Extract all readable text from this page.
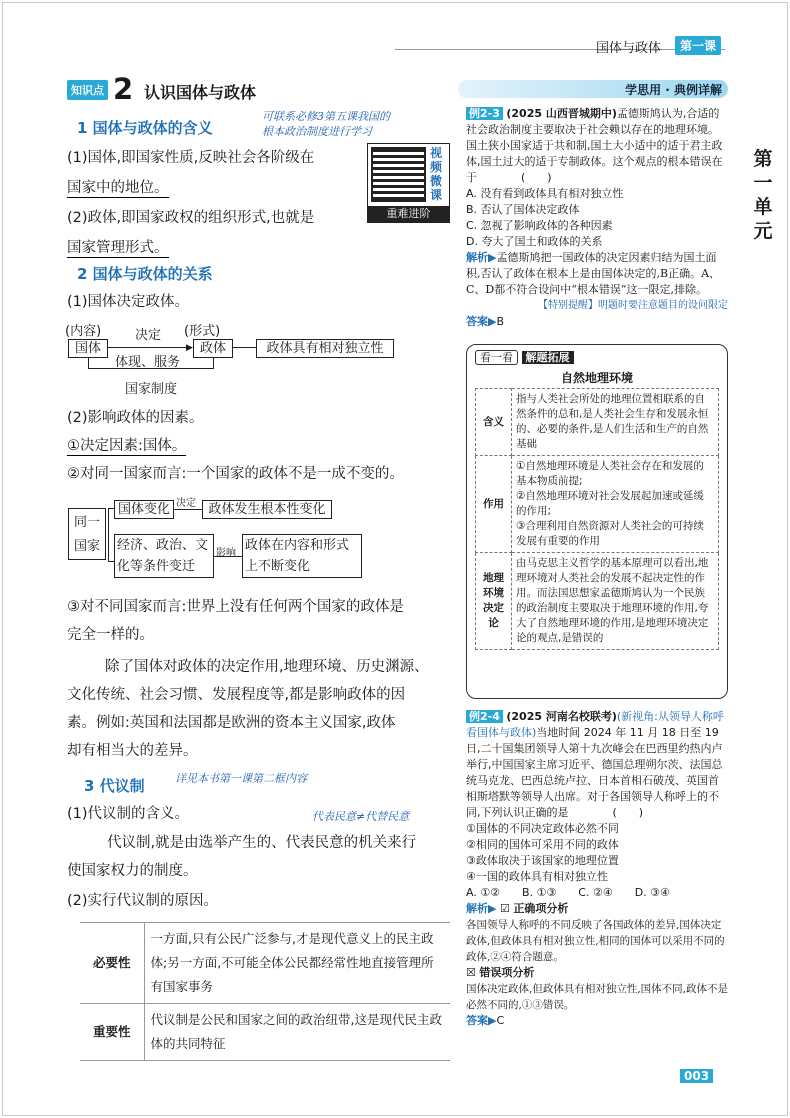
国体与政体	第一课
第一单元
知识点 2 认识国体与政体
可联系必修3第五课我国的
根本政治制度进行学习
1 国体与政体的含义
(1)国体,即国家性质,反映社会各阶级在
国家中的地位。
(2)政体,即国家政权的组织形式,也就是
国家管理形式。
视频微课
重难进阶
2 国体与政体的关系
(1)国体决定政体。
(内容)	决定 (形式)
国体	▶ 政体	政体具有相对独立性
体现、服务
国家制度
(2)影响政体的因素。
①决定因素:国体。
②对同一国家而言:一个国家的政体不是一成不变的。
同一国家
国体变化 决定 政体发生根本性变化
经济、政治、文化等条件变迁
影响
政体在内容和形式上不断变化
③对不同国家而言:世界上没有任何两个国家的政体是
完全一样的。
除了国体对政体的决定作用,地理环境、历史渊源、
文化传统、社会习惯、发展程度等,都是影响政体的因
素。例如:英国和法国都是欧洲的资本主义国家,政体
却有相当大的差异。
3 代议制	详见本书第一课第二框内容
(1)代议制的含义。	代表民意≠代替民意
代议制,就是由选举产生的、代表民意的机关来行
使国家权力的制度。
(2)实行代议制的原因。
必要性	一方面,只有公民广泛参与,才是现代意义上的民主政体;另一方面,不可能全体公民都经常性地直接管理所有国家事务
重要性	代议制是公民和国家之间的政治纽带,这是现代民主政体的共同特征
学思用 · 典例详解
例2-3 (2025 山西晋城期中)孟德斯鸠认为,合适的社会政治制度主要取决于社会赖以存在的地理环境。国土狭小国家适于共和制,国土大小适中的适于君主政体,国土过大的适于专制政体。这个观点的根本错误在于　　　　(　　)
A. 没有看到政体具有相对独立性
B. 否认了国体决定政体
C. 忽视了影响政体的各种因素
D. 夸大了国土和政体的关系
解析▶孟德斯鸠把一国政体的决定因素归结为国土面积,否认了政体在根本上是由国体决定的,B正确。A、C、D都不符合设问中“根本错误”这一限定,排除。
【特别提醒】明题时要注意题目的设问限定
答案▶B
看一看 解题拓展
自然地理环境
含义	指与人类社会所处的地理位置相联系的自然条件的总和,是人类社会生存和发展永恒的、必要的条件,是人们生活和生产的自然基础
作用	①自然地理环境是人类社会存在和发展的基本物质前提;
②自然地理环境对社会发展起加速或延缓的作用;
③合理利用自然资源对人类社会的可持续发展有重要的作用

地理环境决定论	由马克思主义哲学的基本原理可以看出,地理环境对人类社会的发展不起决定性的作用。而法国思想家孟德斯鸠认为一个民族的政治制度主要取决于地理环境的作用,夸大了自然地理环境的作用,是地理环境决定论的观点,是错误的
例2-4 (2025 河南名校联考)(新视角:从领导人称呼看国体与政体)当地时间 2024 年 11 月 18 日至 19 日,二十国集团领导人第十九次峰会在巴西里约热内卢举行,中国国家主席习近平、德国总理朔尔茨、法国总统马克龙、巴西总统卢拉、日本首相石破茂、英国首相斯塔默等领导人出席。对于各国领导人称呼上的不同,下列认识正确的是　　　　(　　)
①国体的不同决定政体必然不同
②相同的国体可采用不同的政体
③政体取决于该国家的地理位置
④一国的政体具有相对独立性
A. ①②　　B. ①③　　C. ②④　　D. ③④
解析▶ ☑ 正确项分析
各国领导人称呼的不同反映了各国政体的差异,国体决定政体,但政体具有相对独立性,相同的国体可以采用不同的政体,②④符合题意。
☒ 错误项分析
国体决定政体,但政体具有相对独立性,国体不同,政体不是必然不同的,①③错误。
答案▶C
003
